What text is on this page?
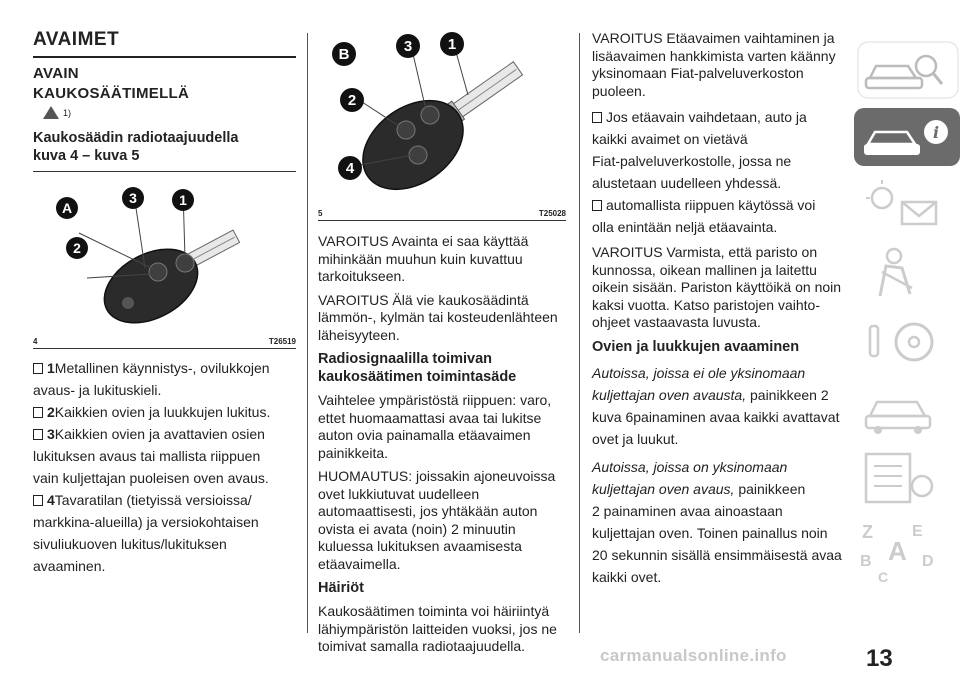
AVAIMET
AVAIN
KAUKOSÄÄTIMELLÄ
1)
Kaukosäädin radiotaajuudella
kuva 4 – kuva 5
A
3	1
2
4	T26519
1Metallinen käynnistys-, ovilukkojen
avaus- ja lukituskieli.
2Kaikkien ovien ja luukkujen lukitus.
3Kaikkien ovien ja avattavien osien
lukituksen avaus tai mallista riippuen
vain kuljettajan puoleisen oven avaus.
4Tavaratilan (tietyissä versioissa/
markkina-alueilla) ja versiokohtaisen
sivuliukuoven lukitus/lukituksen
avaaminen.
B	3 1
2
4
5	T25028

VAROITUS Avainta ei saa käyttää mihinkään muuhun kuin kuvattuu tarkoitukseen.

VAROITUS Älä vie kaukosäädintä lämmön-, kylmän tai kosteudenlähteen läheisyyteen.

Radiosignaalilla toimivan kaukosäätimen toimintasäde

Vaihtelee ympäristöstä riippuen: varo, ettet huomaamattasi avaa tai lukitse auton ovia painamalla etäavaimen painikkeita.

HUOMAUTUS: joissakin ajoneuvoissa ovet lukkiutuvat uudelleen automaattisesti, jos yhtäkään auton ovista ei avata (noin) 2 minuutin kuluessa lukituksen avaamisesta etäavaimella.

Häiriöt

Kaukosäätimen toiminta voi häiriintyä lähiympäristön laitteiden vuoksi, jos ne toimivat samalla radiotaajuudella.

VAROITUS Etäavaimen vaihtaminen ja lisäavaimen hankkimista varten käänny yksinomaan Fiat-palveluverkoston puoleen.

Jos etäavain vaihdetaan, auto ja
kaikki avaimet on vietävä
Fiat-palveluverkostolle, jossa ne
alustetaan uudelleen yhdessä.
automallista riippuen käytössä voi
olla enintään neljä etäavainta.

VAROITUS Varmista, että paristo on kunnossa, oikean mallinen ja laitettu oikein sisään. Pariston käyttöikä on noin kaksi vuotta. Katso paristojen vaihto-ohjeet vastaavasta luvusta.

Ovien ja luukkujen avaaminen
Autoissa, joissa ei ole yksinomaan
kuljettajan oven avausta, painikkeen 2
kuva 6painaminen avaa kaikki avattavat
ovet ja luukut.
Autoissa, joissa on yksinomaan
kuljettajan oven avaus, painikkeen
2 painaminen avaa ainoastaan
kuljettajan oven. Toinen painallus noin
20 sekunnin sisällä ensimmäisestä avaa
kaikki ovet.
i
Z E
B A D
C
13
carmanualsonline.info
